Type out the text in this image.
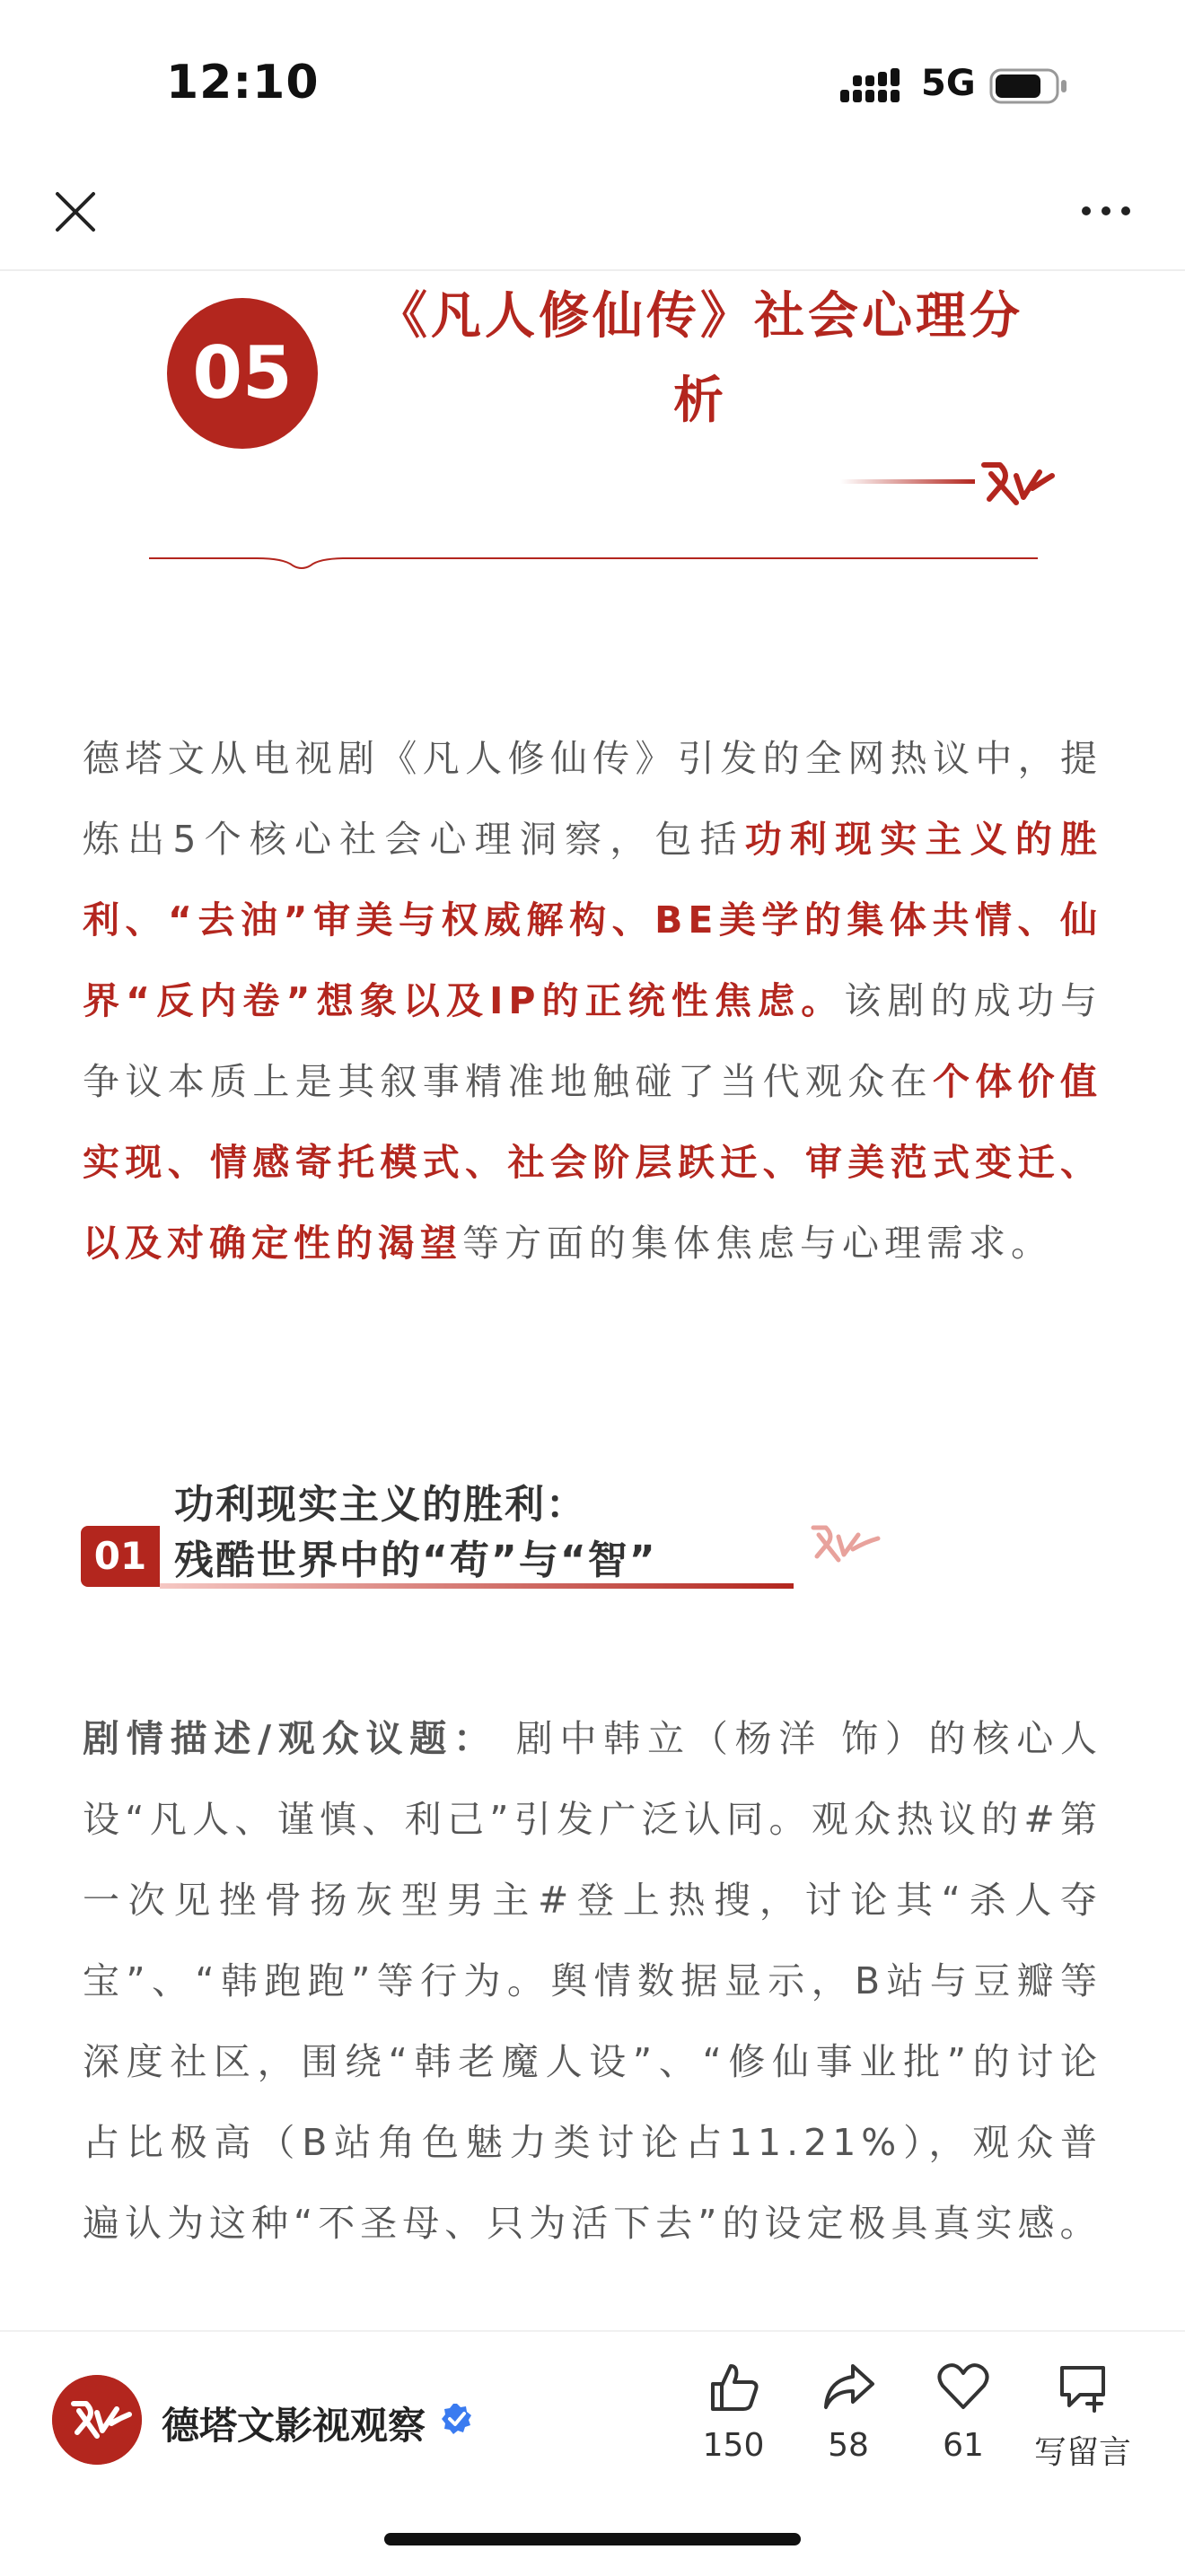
12:10	5G
05
《凡人修仙传》社会心理分析
德塔文从电视剧《凡人修仙传》引发的全网热议中，提炼出5个核心社会心理洞察，包括功利现实主义的胜利、“去油”审美与权威解构、BE美学的集体共情、仙界“反内卷”想象以及IP的正统性焦虑。该剧的成功与争议本质上是其叙事精准地触碰了当代观众在个体价值实现、情感寄托模式、社会阶层跃迁、审美范式变迁、以及对确定性的渴望等方面的集体焦虑与心理需求。
功利现实主义的胜利：
01 残酷世界中的“苟”与“智”
剧情描述/观众议题： 剧中韩立（杨洋 饰）的核心人设“凡人、谨慎、利己”引发广泛认同。观众热议的#第一次见挫骨扬灰型男主#登上热搜，讨论其“杀人夺宝”、“韩跑跑”等行为。舆情数据显示，B站与豆瓣等深度社区，围绕“韩老魔人设”、“修仙事业批”的讨论占比极高（B站角色魅力类讨论占11.21%），观众普遍认为这种“不圣母、只为活下去”的设定极具真实感。
德塔文影视观察	150	58	61	写留言
